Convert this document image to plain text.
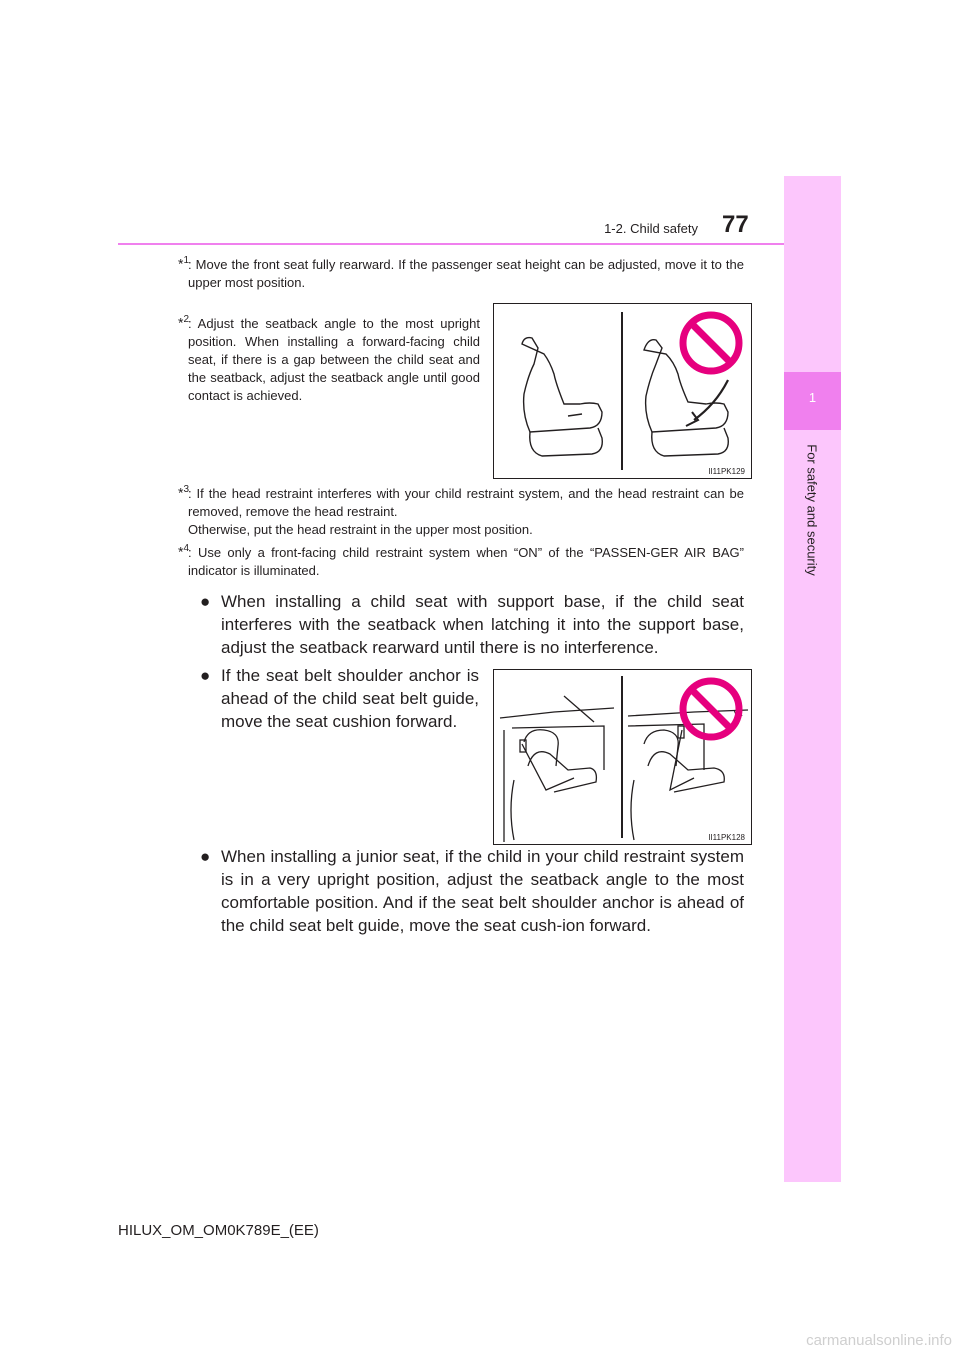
1
For safety and security
1-2. Child safety 77
*$^1$

: Move the front seat fully rearward. If the passenger seat height can be adjusted, move it to the upper most position.

*$^2$

: Adjust the seatback angle to the most upright position. When installing a forward-facing child seat, if there is a gap between the child seat and the seatback, adjust the seatback angle until good contact is achieved.

II11PK129
*$^3$

: If the head restraint interferes with your child restraint system, and the head restraint can be removed, remove the head restraint.

Otherwise, put the head restraint in the upper most position.

*$^4$

: Use only a front-facing child restraint system when “ON” of the “PASSEN-GER AIR BAG” indicator is illuminated.

● When installing a child seat with support base, if the child seat interferes with the seatback when latching it into the support base, adjust the seatback rearward until there is no interference.

● If the seat belt shoulder anchor is ahead of the child seat belt guide, move the seat cushion forward.

II11PK128
● When installing a junior seat, if the child in your child restraint system is in a very upright position, adjust the seatback angle to the most comfortable position. And if the seat belt shoulder anchor is ahead of the child seat belt guide, move the seat cush-ion forward.

HILUX_OM_OM0K789E_(EE)
carmanualsonline.info
